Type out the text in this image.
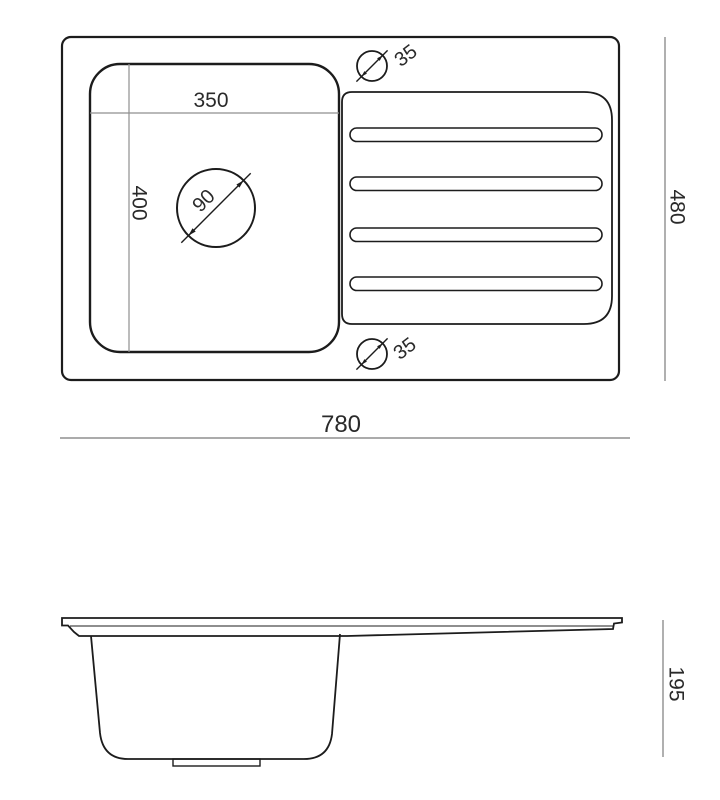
350
400 90
35
35
480
780
195
